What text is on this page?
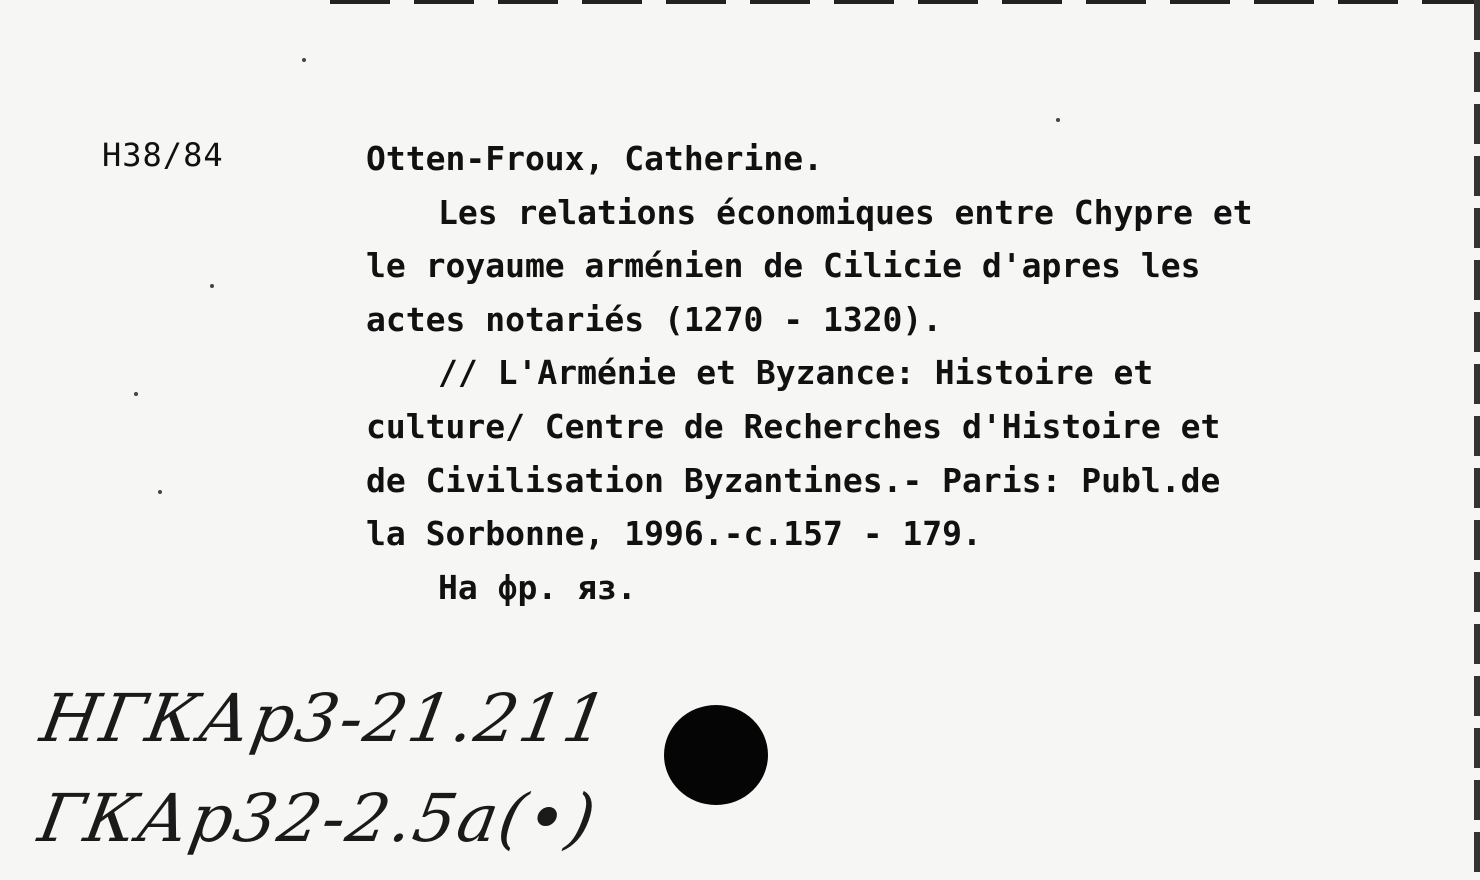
H38/84	Otten-Froux, Catherine.
Les relations économiques entre Chypre et
le royaume arménien de Cilicie d'apres les
actes notariés (1270 - 1320).
// L'Arménie et Byzance: Histoire et
culture/ Centre de Recherches d'Histoire et
de Civilisation Byzantines.- Paris: Publ.de
la Sorbonne, 1996.-c.157 - 179.
На фр. яз.
НГКАр3-21.211
ГКАр32-2.5а(•)
